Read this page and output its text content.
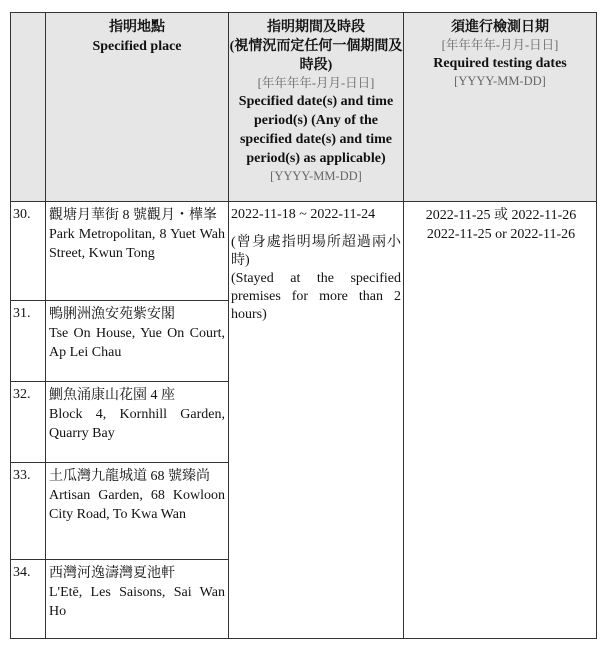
指明地點
Specified place
指明期間及時段
(視情況而定任何一個期間及時段)
[年年年年-月月-日日]
Specified date(s) and time period(s) (Any of the specified date(s) and time period(s) as applicable)
[YYYY-MM-DD]
須進行檢測日期
[年年年年-月月-日日]
Required testing dates
[YYYY-MM-DD]
30. 觀塘月華街 8 號觀月・樺峯
Park Metropolitan, 8 Yuet Wah Street, Kwun Tong
31. 鴨脷洲漁安苑紫安閣
Tse On House, Yue On Court, Ap Lei Chau
32. 鰂魚涌康山花園 4 座
Block 4, Kornhill Garden, Quarry Bay
33. 土瓜灣九龍城道 68 號臻尚
Artisan Garden, 68 Kowloon City Road, To Kwa Wan
34. 西灣河逸濤灣夏池軒
L'Etē, Les Saisons, Sai Wan Ho
2022-11-18 ~ 2022-11-24
(曾身處指明場所超過兩小時)
(Stayed at the specified premises for more than 2 hours)
2022-11-25 或 2022-11-26
2022-11-25 or 2022-11-26
